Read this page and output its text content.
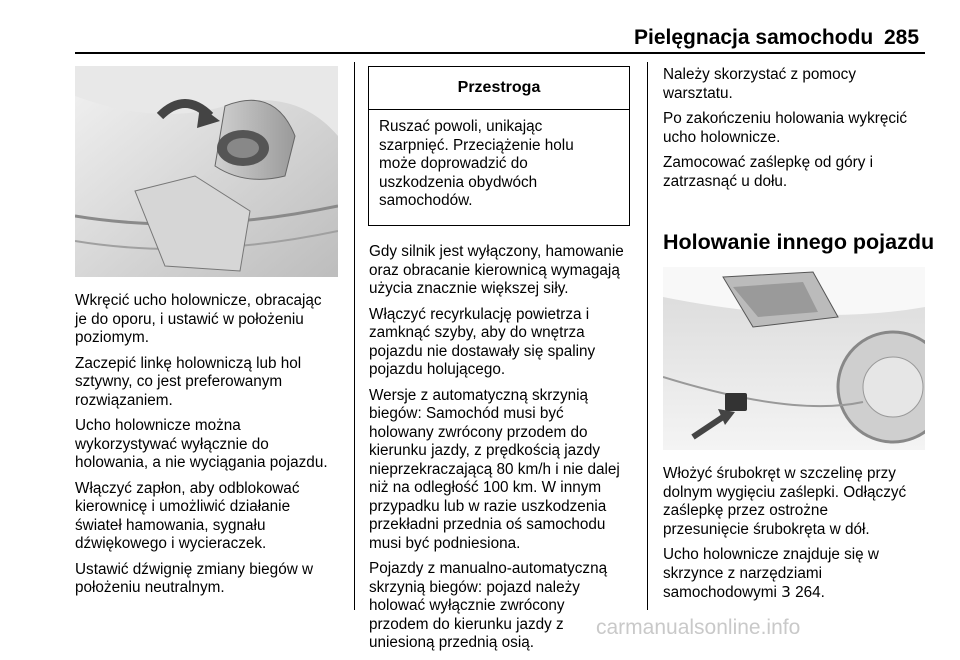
Pielęgnacja samochodu 285

Wkręcić ucho holownicze, obracając
je do oporu, i ustawić w położeniu
poziomym.

Zaczepić linkę holowniczą lub hol
sztywny, co jest preferowanym
rozwiązaniem.

Ucho holownicze można
wykorzystywać wyłącznie do
holowania, a nie wyciągania pojazdu.

Włączyć zapłon, aby odblokować
kierownicę i umożliwić działanie
świateł hamowania, sygnału
dźwiękowego i wycieraczek.

Ustawić dźwignię zmiany biegów w
położeniu neutralnym.

Przestroga
Ruszać powoli, unikając
szarpnięć. Przeciążenie holu
może doprowadzić do
uszkodzenia obydwóch
samochodów.

Gdy silnik jest wyłączony, hamowanie
oraz obracanie kierownicą wymagają
użycia znacznie większej siły.

Włączyć recyrkulację powietrza i
zamknąć szyby, aby do wnętrza
pojazdu nie dostawały się spaliny
pojazdu holującego.

Wersje z automatyczną skrzynią
biegów: Samochód musi być
holowany zwrócony przodem do
kierunku jazdy, z prędkością jazdy
nieprzekraczającą 80 km/h i nie dalej
niż na odległość 100 km. W innym
przypadku lub w razie uszkodzenia
przekładni przednia oś samochodu
musi być podniesiona.

Pojazdy z manualno-automatyczną
skrzynią biegów: pojazd należy
holować wyłącznie zwrócony
przodem do kierunku jazdy z
uniesioną przednią osią.

Należy skorzystać z pomocy
warsztatu.

Po zakończeniu holowania wykręcić
ucho holownicze.

Zamocować zaślepkę od góry i
zatrzasnąć u dołu.

Holowanie innego pojazdu

Włożyć śrubokręt w szczelinę przy
dolnym wygięciu zaślepki. Odłączyć
zaślepkę przez ostrożne
przesunięcie śrubokręta w dół.

Ucho holownicze znajduje się w
skrzynce z narzędziami
samochodowymi 3 264.

carmanualsonline.info
